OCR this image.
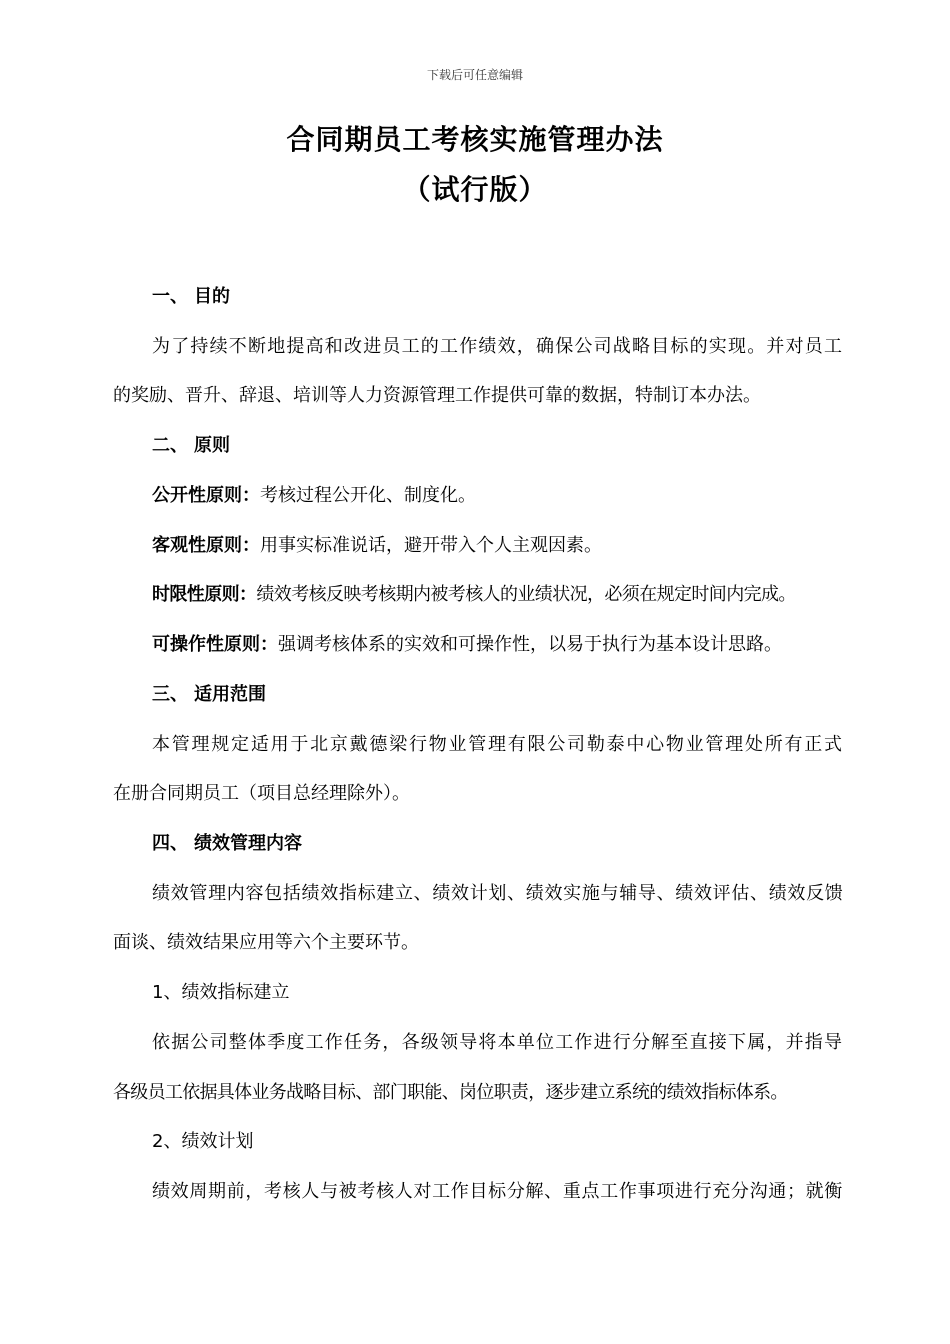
下载后可任意编辑
合同期员工考核实施管理办法
（试行版）
一、 目的
为了持续不断地提高和改进员工的工作绩效，确保公司战略目标的实现。并对员工
的奖励、晋升、辞退、培训等人力资源管理工作提供可靠的数据，特制订本办法。
二、 原则
公开性原则：考核过程公开化、制度化。
客观性原则：用事实标准说话，避开带入个人主观因素。
时限性原则：绩效考核反映考核期内被考核人的业绩状况，必须在规定时间内完成。
可操作性原则：强调考核体系的实效和可操作性，以易于执行为基本设计思路。
三、 适用范围
本管理规定适用于北京戴德梁行物业管理有限公司勒泰中心物业管理处所有正式
在册合同期员工（项目总经理除外）。
四、 绩效管理内容
绩效管理内容包括绩效指标建立、绩效计划、绩效实施与辅导、绩效评估、绩效反馈
面谈、绩效结果应用等六个主要环节。
1、绩效指标建立
依据公司整体季度工作任务，各级领导将本单位工作进行分解至直接下属，并指导
各级员工依据具体业务战略目标、部门职能、岗位职责，逐步建立系统的绩效指标体系。
2、绩效计划
绩效周期前，考核人与被考核人对工作目标分解、重点工作事项进行充分沟通；就衡
